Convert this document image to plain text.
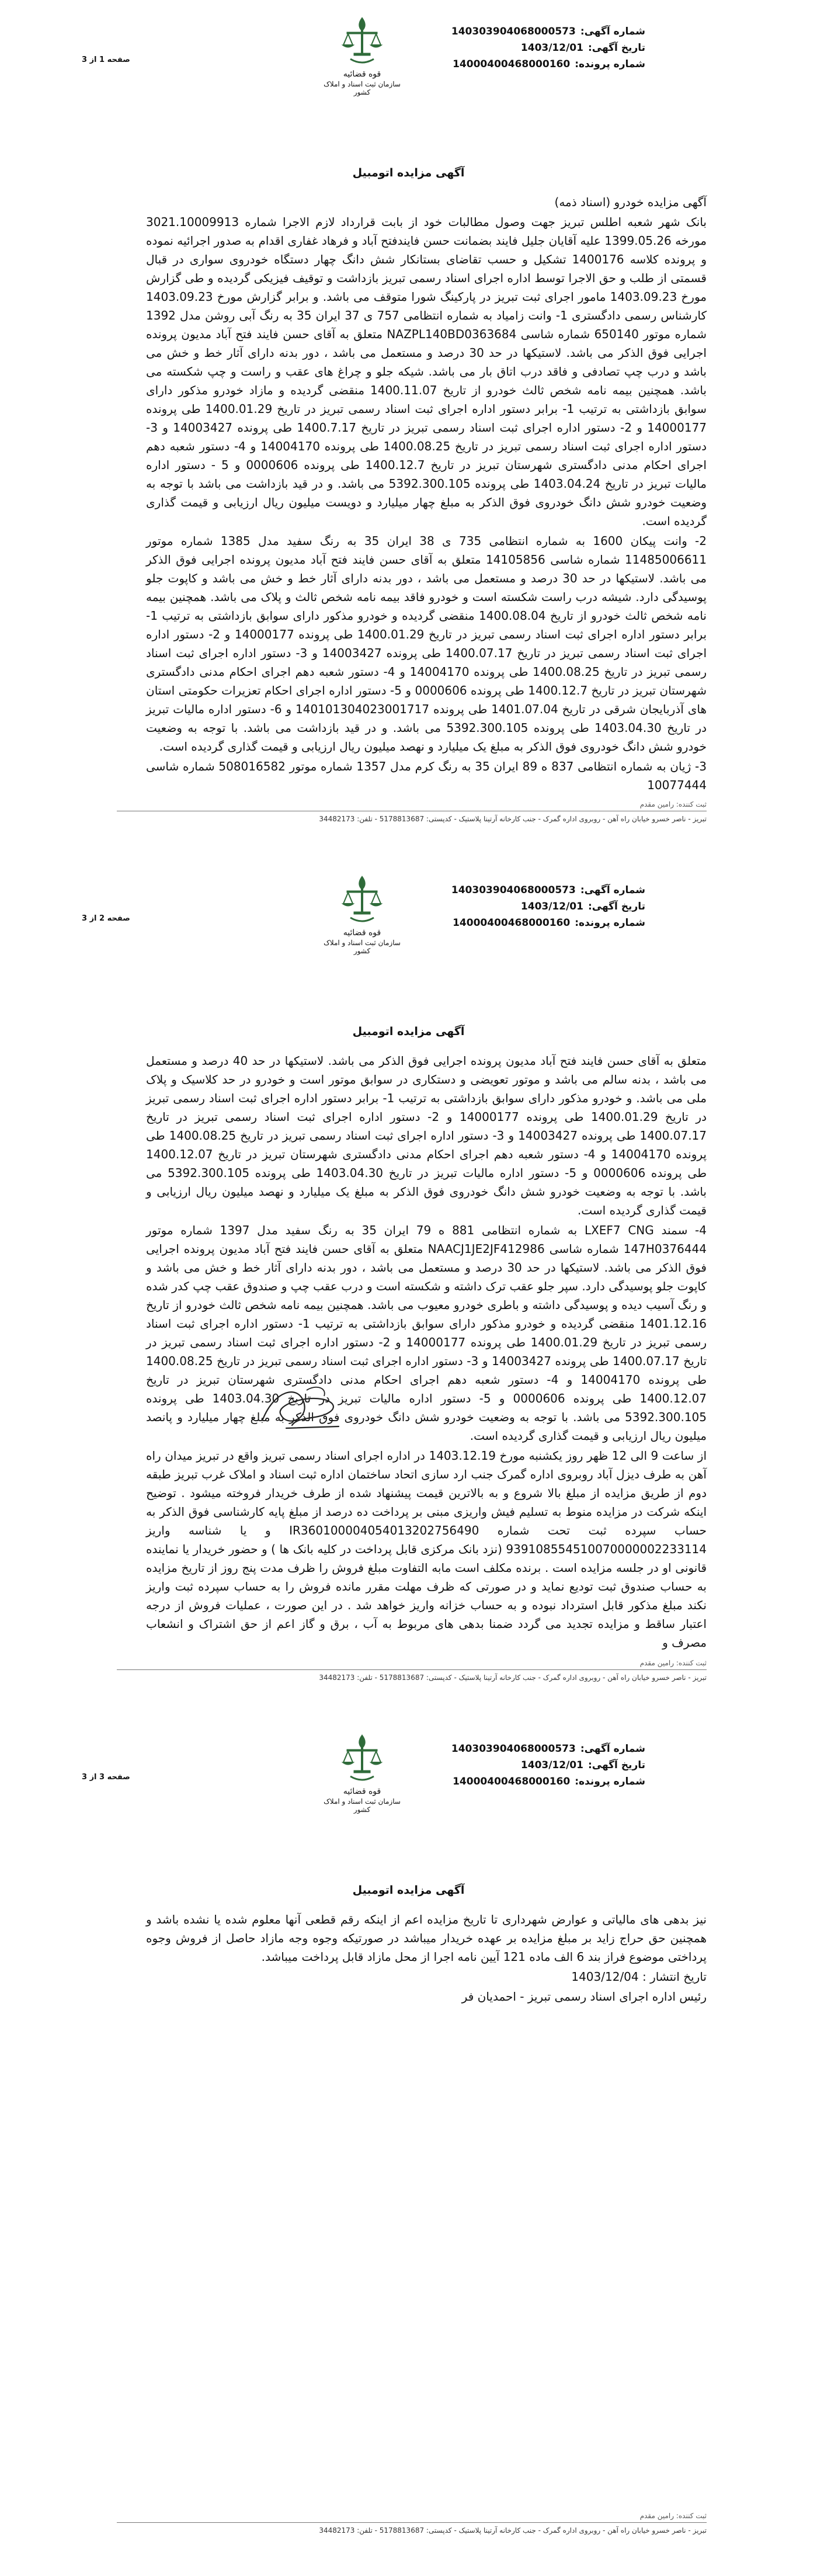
قوه قضائیه
سازمان ثبت اسناد و املاک کشور
شماره آگهی:
140303904068000573
تاریخ آگهی:
1403/12/01
شماره پرونده:
14000400468000160
صفحه 1 از 3
آگهی مزایده اتومبیل

آگهی مزایده خودرو (اسناد ذمه)

بانک شهر شعبه اطلس تبریز جهت وصول مطالبات خود از بابت قرارداد لازم الاجرا شماره 3021.10009913 مورخه 1399.05.26 علیه آقایان جلیل فایند بضمانت حسن فایندفتح آباد و فرهاد غفاری اقدام به صدور اجرائیه نموده و پرونده کلاسه 1400176 تشکیل و حسب تقاضای بستانکار شش دانگ چهار دستگاه خودروی سواری در قبال قسمتی از طلب و حق الاجرا توسط اداره اجرای اسناد رسمی تبریز بازداشت و توقیف فیزیکی گردیده و طی گزارش مورخ 1403.09.23 مامور اجرای ثبت تبریز در پارکینگ شورا متوقف می باشد. و برابر گزارش مورخ 1403.09.23 کارشناس رسمی دادگستری 1- وانت زامیاد به شماره انتظامی 757 ی 37 ایران 35 به رنگ آبی روشن مدل 1392 شماره موتور 650140 شماره شاسی NAZPL140BD0363684 متعلق به آقای حسن فایند فتح آباد مدیون پرونده اجرایی فوق الذکر می باشد. لاستیکها در حد 30 درصد و مستعمل می باشد ، دور بدنه دارای آثار خط و خش می باشد و درب چپ تصادفی و فاقد درب اتاق بار می باشد. شیکه جلو و چراغ های عقب و راست و چپ شکسته می باشد. همچنین بیمه نامه شخص ثالث خودرو از تاریخ 1400.11.07 منقضی گردیده و مازاد خودرو مذکور دارای سوابق بازداشتی به ترتیب 1- برابر دستور اداره اجرای ثبت اسناد رسمی تبریز در تاریخ 1400.01.29 طی پرونده 14000177 و 2- دستور اداره اجرای ثبت اسناد رسمی تبریز در تاریخ 1400.7.17 طی پرونده 14003427 و 3- دستور اداره اجرای ثبت اسناد رسمی تبریز در تاریخ 1400.08.25 طی پرونده 14004170 و 4- دستور شعبه دهم اجرای احکام مدنی دادگستری شهرستان تبریز در تاریخ 1400.12.7 طی پرونده 0000606 و 5 - دستور اداره مالیات تبریز در تاریخ 1403.04.24 طی پرونده 5392.300.105 می باشد. و در قید بازداشت می باشد با توجه به وضعیت خودرو شش دانگ خودروی فوق الذکر به مبلغ چهار میلیارد و دویست میلیون ریال ارزیابی و قیمت گذاری گردیده است.

2- وانت پیکان 1600 به شماره انتظامی 735 ی 38 ایران 35 به رنگ سفید مدل 1385 شماره موتور 11485006611 شماره شاسی 14105856 متعلق به آقای حسن فایند فتح آباد مدیون پرونده اجرایی فوق الذکر می باشد. لاستیکها در حد 30 درصد و مستعمل می باشد ، دور بدنه دارای آثار خط و خش می باشد و کاپوت جلو پوسیدگی دارد. شیشه درب راست شکسته است و خودرو فاقد بیمه نامه شخص ثالث و پلاک می باشد. همچنین بیمه نامه شخص ثالث خودرو از تاریخ 1400.08.04 منقضی گردیده و خودرو مذکور دارای سوابق بازداشتی به ترتیب 1- برابر دستور اداره اجرای ثبت اسناد رسمی تبریز در تاریخ 1400.01.29 طی پرونده 14000177 و 2- دستور اداره اجرای ثبت اسناد رسمی تبریز در تاریخ 1400.07.17 طی پرونده 14003427 و 3- دستور اداره اجرای ثبت اسناد رسمی تبریز در تاریخ 1400.08.25 طی پرونده 14004170 و 4- دستور شعبه دهم اجرای احکام مدنی دادگستری شهرستان تبریز در تاریخ 1400.12.7 طی پرونده 0000606 و 5- دستور اداره اجرای احکام تعزیرات حکومتی استان های آذربایجان شرقی در تاریخ 1401.07.04 طی پرونده 140101304023001717 و 6- دستور اداره مالیات تبریز در تاریخ 1403.04.30 طی پرونده 5392.300.105 می باشد. و در قید بازداشت می باشد. با توجه به وضعیت خودرو شش دانگ خودروی فوق الذکر به مبلغ یک میلیارد و نهصد میلیون ریال ارزیابی و قیمت گذاری گردیده است.

3- ژیان به شماره انتظامی 837 ه 89 ایران 35 به رنگ کرم مدل 1357 شماره موتور 508016582 شماره شاسی 10077444

ثبت کننده: رامین مقدم
تبریز - ناصر خسرو خیابان راه آهن - روبروی اداره گمرک - جنب کارخانه آرتینا پلاستیک - کدپستی: 5178813687 - تلفن: 34482173
قوه قضائیه
سازمان ثبت اسناد و املاک کشور
شماره آگهی:
140303904068000573
تاریخ آگهی:
1403/12/01
شماره پرونده:
14000400468000160
صفحه 2 از 3
آگهی مزایده اتومبیل

متعلق به آقای حسن فایند فتح آباد مدیون پرونده اجرایی فوق الذکر می باشد. لاستیکها در حد 40 درصد و مستعمل می باشد ، بدنه سالم می باشد و موتور تعویضی و دستکاری در سوابق موتور است و خودرو در حد کلاسیک و پلاک ملی می باشد. و خودرو مذکور دارای سوابق بازداشتی به ترتیب 1- برابر دستور اداره اجرای ثبت اسناد رسمی تبریز در تاریخ 1400.01.29 طی پرونده 14000177 و 2- دستور اداره اجرای ثبت اسناد رسمی تبریز در تاریخ 1400.07.17 طی پرونده 14003427 و 3- دستور اداره اجرای ثبت اسناد رسمی تبریز در تاریخ 1400.08.25 طی پرونده 14004170 و 4- دستور شعبه دهم اجرای احکام مدنی دادگستری شهرستان تبریز در تاریخ 1400.12.07 طی پرونده 0000606 و 5- دستور اداره مالیات تبریز در تاریخ 1403.04.30 طی پرونده 5392.300.105 می باشد. با توجه به وضعیت خودرو شش دانگ خودروی فوق الذکر به مبلغ یک میلیارد و نهصد میلیون ریال ارزیابی و قیمت گذاری گردیده است.

4- سمند LXEF7 CNG به شماره انتظامی 881 ه 79 ایران 35 به رنگ سفید مدل 1397 شماره موتور 147H0376444 شماره شاسی NAACJ1JE2JF412986 متعلق به آقای حسن فایند فتح آباد مدیون پرونده اجرایی فوق الذکر می باشد. لاستیکها در حد 30 درصد و مستعمل می باشد ، دور بدنه دارای آثار خط و خش می باشد و کاپوت جلو پوسیدگی دارد. سپر جلو عقب ترک داشته و شکسته است و درب عقب چپ و صندوق عقب چپ کدر شده و رنگ آسیب دیده و پوسیدگی داشته و باطری خودرو معیوب می باشد. همچنین بیمه نامه شخص ثالث خودرو از تاریخ 1401.12.16 منقضی گردیده و خودرو مذکور دارای سوابق بازداشتی به ترتیب 1- دستور اداره اجرای ثبت اسناد رسمی تبریز در تاریخ 1400.01.29 طی پرونده 14000177 و 2- دستور اداره اجرای ثبت اسناد رسمی تبریز در تاریخ 1400.07.17 طی پرونده 14003427 و 3- دستور اداره اجرای ثبت اسناد رسمی تبریز در تاریخ 1400.08.25 طی پرونده 14004170 و 4- دستور شعبه دهم اجرای احکام مدنی دادگستری شهرستان تبریز در تاریخ 1400.12.07 طی پرونده 0000606 و 5- دستور اداره مالیات تبریز در تاریخ 1403.04.30 طی پرونده 5392.300.105 می باشد. با توجه به وضعیت خودرو شش دانگ خودروی فوق الذکر به مبلغ چهار میلیارد و پانصد میلیون ریال ارزیابی و قیمت گذاری گردیده است.

از ساعت 9 الی 12 ظهر روز یکشنبه مورخ 1403.12.19 در اداره اجرای اسناد رسمی تبریز واقع در تبریز میدان راه آهن به طرف دیزل آباد روبروی اداره گمرک جنب ارد سازی اتحاد ساختمان اداره ثبت اسناد و املاک غرب تبریز طبقه دوم از طریق مزایده از مبلغ بالا شروع و به بالاترین قیمت پیشنهاد شده از طرف خریدار فروخته میشود . توضیح اینکه شرکت در مزایده منوط به تسلیم فیش واریزی مبنی بر پرداخت ده درصد از مبلغ پایه کارشناسی فوق الذکر به حساب سپرده ثبت تحت شماره IR360100004054013202756490 و یا شناسه واریز 939108554510070000002233114 (نزد بانک مرکزی قابل پرداخت در کلیه بانک ها ) و حضور خریدار یا نماینده قانونی او در جلسه مزایده است . برنده مکلف است مابه التفاوت مبلغ فروش را ظرف مدت پنج روز از تاریخ مزایده به حساب صندوق ثبت تودیع نماید و در صورتی که ظرف مهلت مقرر مانده فروش را به حساب سپرده ثبت واریز نکند مبلغ مذکور قابل استرداد نبوده و به حساب خزانه واریز خواهد شد . در این صورت ، عملیات فروش از درجه اعتبار ساقط و مزایده تجدید می گردد ضمنا بدهی های مربوط به آب ، برق و گاز اعم از حق اشتراک و انشعاب مصرف و

ثبت کننده: رامین مقدم
تبریز - ناصر خسرو خیابان راه آهن - روبروی اداره گمرک - جنب کارخانه آرتینا پلاستیک - کدپستی: 5178813687 - تلفن: 34482173
قوه قضائیه
سازمان ثبت اسناد و املاک کشور
شماره آگهی:
140303904068000573
تاریخ آگهی:
1403/12/01
شماره پرونده:
14000400468000160
صفحه 3 از 3
آگهی مزایده اتومبیل

نیز بدهی های مالیاتی و عوارض شهرداری تا تاریخ مزایده اعم از اینکه رقم قطعی آنها معلوم شده یا نشده باشد و همچنین حق حراج زاید بر مبلغ مزایده بر عهده خریدار میباشد در صورتیکه وجوه وجه مازاد حاصل از فروش وجوه پرداختی موضوع فراز بند 6 الف ماده 121 آیین نامه اجرا از محل مازاد قابل پرداخت میباشد.

تاریخ انتشار : 1403/12/04

رئیس اداره اجرای اسناد رسمی تبریز - احمدیان فر

ثبت کننده: رامین مقدم
تبریز - ناصر خسرو خیابان راه آهن - روبروی اداره گمرک - جنب کارخانه آرتینا پلاستیک - کدپستی: 5178813687 - تلفن: 34482173
